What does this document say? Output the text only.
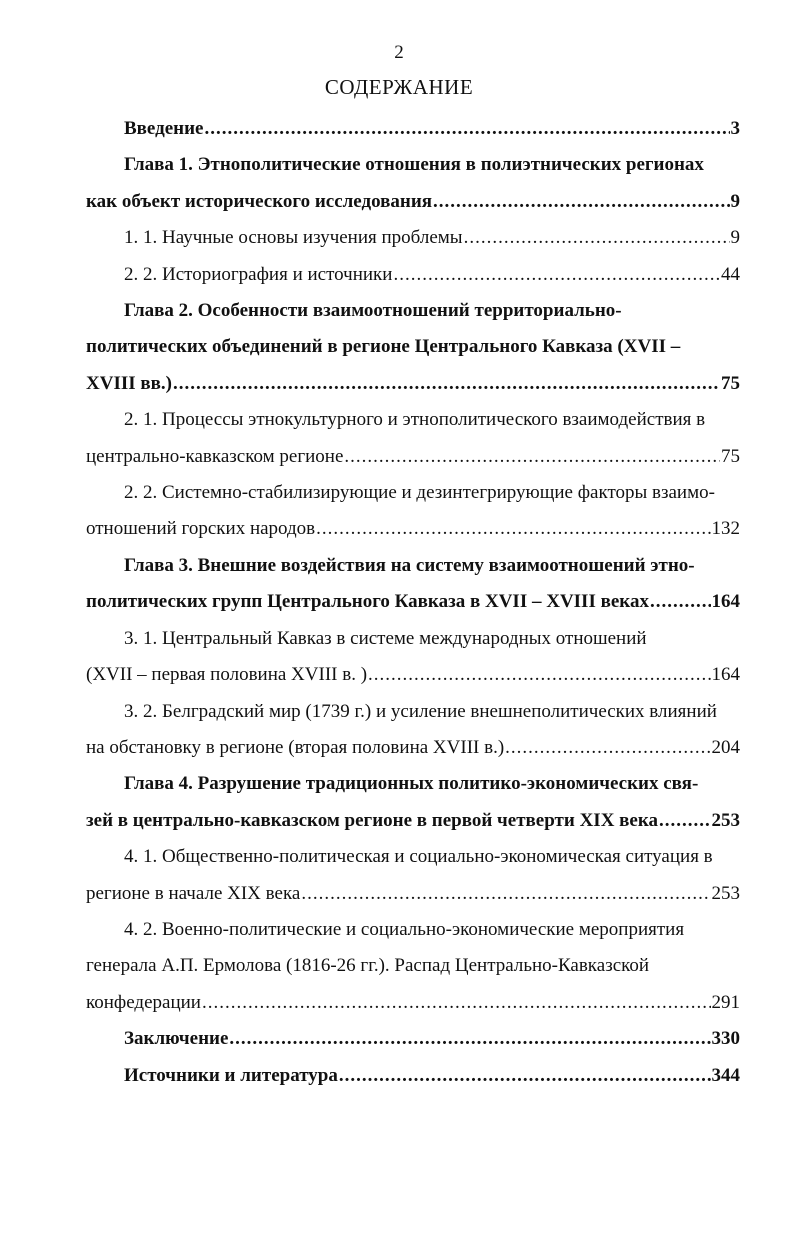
2
СОДЕРЖАНИЕ
Введение .....	3
Глава 1. Этнополитические отношения в полиэтнических регионах
как объект исторического исследования .....	9
1. 1. Научные основы изучения проблемы .....	9
2. 2. Историография и источники .....	44
Глава 2. Особенности взаимоотношений территориально-
политических объединений в регионе Центрального Кавказа (XVII –
XVIII вв.) .....	75
2. 1. Процессы этнокультурного и этнополитического взаимодействия в
центрально-кавказском регионе .....	75
2. 2. Системно-стабилизирующие и дезинтегрирующие факторы взаимо-
отношений горских народов .....	132
Глава 3. Внешние воздействия на систему взаимоотношений этно-
политических групп Центрального Кавказа в XVII – XVIII веках .....	164
3. 1. Центральный Кавказ в системе международных отношений
(XVII – первая половина XVIII в. ) .....	164
3. 2. Белградский мир (1739 г.) и усиление внешнеполитических влияний
на обстановку в регионе (вторая половина XVIII в.) .....	204
Глава 4. Разрушение традиционных политико-экономических свя-
зей в центрально-кавказском регионе в первой четверти XIX века .....	253
4. 1. Общественно-политическая и социально-экономическая ситуация в
регионе в начале XIX века .....	253
4. 2. Военно-политические и социально-экономические мероприятия
генерала А.П. Ермолова (1816-26 гг.). Распад Центрально-Кавказской
конфедерации .....	291
Заключение .....	330
Источники и литература .....	344
